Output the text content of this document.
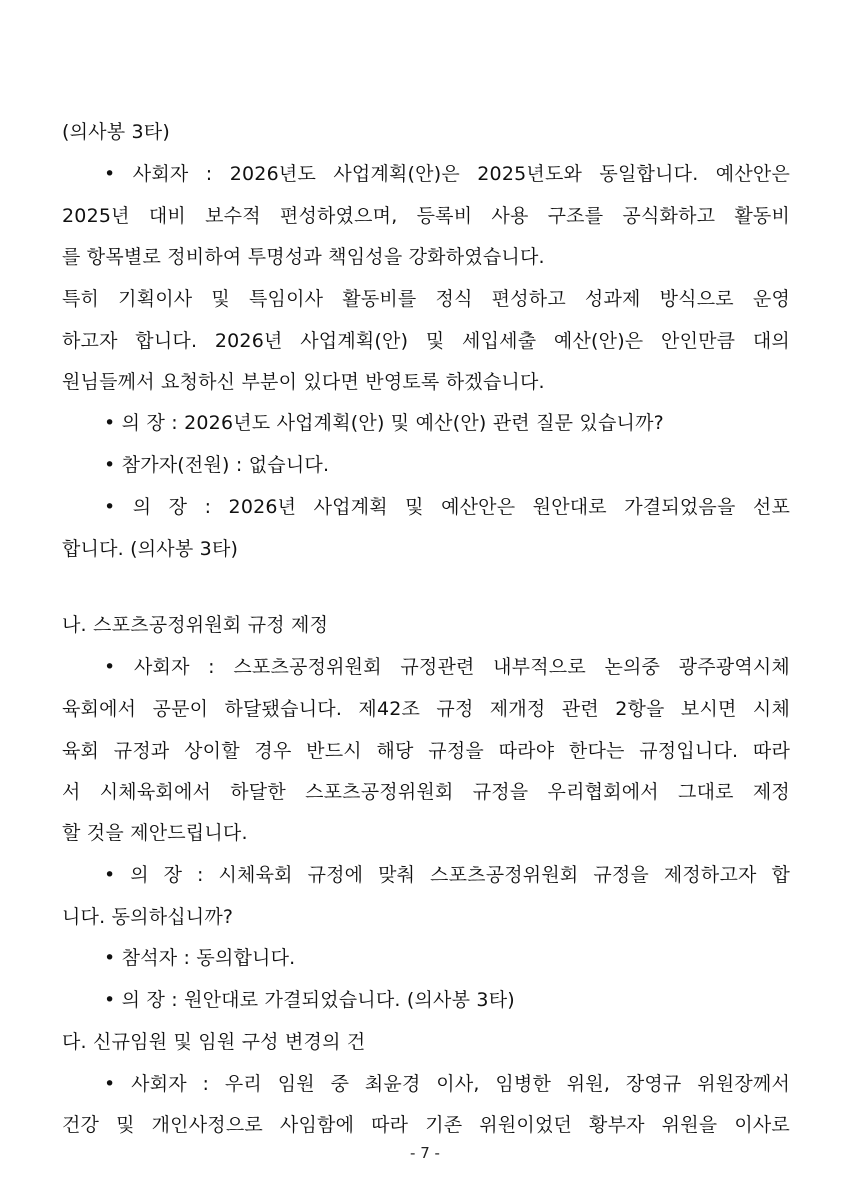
(의사봉 3타)
• 사회자 : 2026년도 사업계획(안)은 2025년도와 동일합니다. 예산안은
2025년 대비 보수적 편성하였으며, 등록비 사용 구조를 공식화하고 활동비
를 항목별로 정비하여 투명성과 책임성을 강화하였습니다.
특히 기획이사 및 특임이사 활동비를 정식 편성하고 성과제 방식으로 운영
하고자 합니다. 2026년 사업계획(안) 및 세입세출 예산(안)은 안인만큼 대의
원님들께서 요청하신 부분이 있다면 반영토록 하겠습니다.
• 의 장 : 2026년도 사업계획(안) 및 예산(안) 관련 질문 있습니까?
• 참가자(전원) : 없습니다.
• 의 장 : 2026년 사업계획 및 예산안은 원안대로 가결되었음을 선포
합니다. (의사봉 3타)
나. 스포츠공정위원회 규정 제정
• 사회자 : 스포츠공정위원회 규정관련 내부적으로 논의중 광주광역시체
육회에서 공문이 하달됐습니다. 제42조 규정 제개정 관련 2항을 보시면 시체
육회 규정과 상이할 경우 반드시 해당 규정을 따라야 한다는 규정입니다. 따라
서 시체육회에서 하달한 스포츠공정위원회 규정을 우리협회에서 그대로 제정
할 것을 제안드립니다.
• 의 장 : 시체육회 규정에 맞춰 스포츠공정위원회 규정을 제정하고자 합
니다. 동의하십니까?
• 참석자 : 동의합니다.
• 의 장 : 원안대로 가결되었습니다. (의사봉 3타)
다. 신규임원 및 임원 구성 변경의 건
• 사회자 : 우리 임원 중 최윤경 이사, 임병한 위원, 장영규 위원장께서
건강 및 개인사정으로 사임함에 따라 기존 위원이었던 황부자 위원을 이사로
- 7 -
